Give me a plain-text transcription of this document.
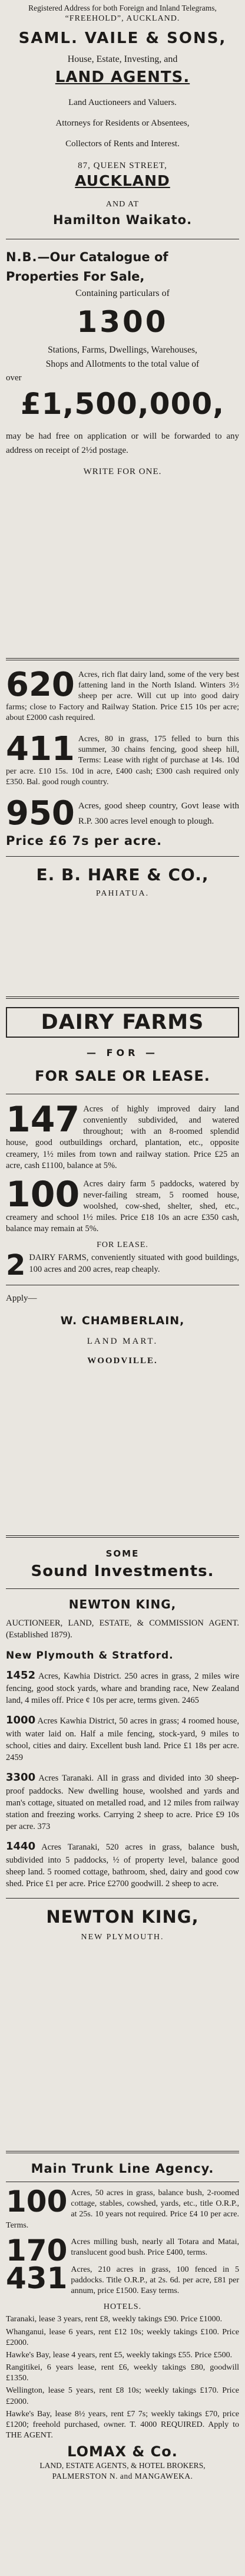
Registered Address for both Foreign and Inland Telegrams,

“FREEHOLD”, AUCKLAND.

SAML. VAILE & SONS,

House, Estate, Investing, and

LAND AGENTS.

Land Auctioneers and Valuers.

Attorneys for Residents or Absentees,

Collectors of Rents and Interest.

87, QUEEN STREET,

AUCKLAND

AND AT

Hamilton Waikato.

N.B.—Our Catalogue of Properties For Sale,

Containing particulars of

1300

Stations, Farms, Dwellings, Warehouses,

Shops and Allotments to the total value of

over

£1,500,000,

may be had free on application or will be forwarded to any address on receipt of 2½d postage.

WRITE FOR ONE.

620 Acres, rich flat dairy land, some of the very best fattening land in the North Island. Winters 3½ sheep per acre. Will cut up into good dairy farms; close to Factory and Railway Station. Price £15 10s per acre; about £2000 cash required.

411 Acres, 80 in grass, 175 felled to burn this summer, 30 chains fencing, good sheep hill, Terms: Lease with right of purchase at 14s. 10d per acre. £10 15s. 10d in acre, £400 cash; £300 cash required only £350. Bal. good rough country.

950 Acres, good sheep country, Govt lease with R.P. 300 acres level enough to plough.

Price £6 7s per acre.

E. B. HARE & CO.,

PAHIATUA.

DAIRY FARMS

— FOR —

FOR SALE OR LEASE.

147 Acres of highly improved dairy land conveniently subdivided, and watered throughout; with an 8-roomed splendid house, good outbuildings orchard, plantation, etc., opposite creamery, 1½ miles from town and railway station. Price £25 an acre, cash £1100, balance at 5%.

100 Acres dairy farm 5 paddocks, watered by never-failing stream, 5 roomed house, woolshed, cow-shed, shelter, shed, etc., creamery and school 1½ miles. Price £18 10s an acre £350 cash, balance may remain at 5%.

FOR LEASE.

2 DAIRY FARMS, conveniently situated with good buildings, 100 acres and 200 acres, reap cheaply.

Apply—

W. CHAMBERLAIN,

LAND MART.

WOODVILLE.

SOME

Sound Investments.

NEWTON KING,

AUCTIONEER, LAND, ESTATE, & COMMISSION AGENT. (Established 1879).

New Plymouth & Stratford.

1452 Acres, Kawhia District. 250 acres in grass, 2 miles wire fencing, good stock yards, whare and branding race, New Zealand land, 4 miles off. Price ¢ 10s per acre, terms given. 2465

1000 Acres Kawhia District, 50 acres in grass; 4 roomed house, with water laid on. Half a mile fencing, stock-yard, 9 miles to school, cities and dairy. Excellent bush land. Price £1 18s per acre. 2459

3300 Acres Taranaki. All in grass and divided into 30 sheep-proof paddocks. New dwelling house, woolshed and yards and man's cottage, situated on metalled road, and 12 miles from railway station and freezing works. Carrying 2 sheep to acre. Price £9 10s per acre. 373

1440 Acres Taranaki, 520 acres in grass, balance bush, subdivided into 5 paddocks, ½ of property level, balance good sheep land. 5 roomed cottage, bathroom, shed, dairy and good cow shed. Price £1 per acre. Price £2700 goodwill. 2 sheep to acre.

NEWTON KING,

NEW PLYMOUTH.

Main Trunk Line Agency.

100 Acres, 50 acres in grass, balance bush, 2-roomed cottage, stables, cowshed, yards, etc., title O.R.P., at 25s. 10 years not required. Price £4 10 per acre. Terms.

170 Acres milling bush, nearly all Totara and Matai, translucent good bush. Price £400, terms.

431 Acres, 210 acres in grass, 100 fenced in 5 paddocks. Title O.R.P., at 2s. 6d. per acre, £81 per annum, price £1500. Easy terms.

HOTELS.

Taranaki, lease 3 years, rent £8, weekly takings £90. Price £1000.

Whanganui, lease 6 years, rent £12 10s; weekly takings £100. Price £2000.

Hawke's Bay, lease 4 years, rent £5, weekly takings £55. Price £500.

Rangitikei, 6 years lease, rent £6, weekly takings £80, goodwill £1350.

Wellington, lease 5 years, rent £8 10s; weekly takings £170. Price £2000.

Hawke's Bay, lease 8½ years, rent £7 7s; weekly takings £70, price £1200; freehold purchased, owner. T. 4000 REQUIRED. Apply to THE AGENT.

LOMAX & Co.

LAND, ESTATE AGENTS, & HOTEL BROKERS,

PALMERSTON N. and MANGAWEKA.
